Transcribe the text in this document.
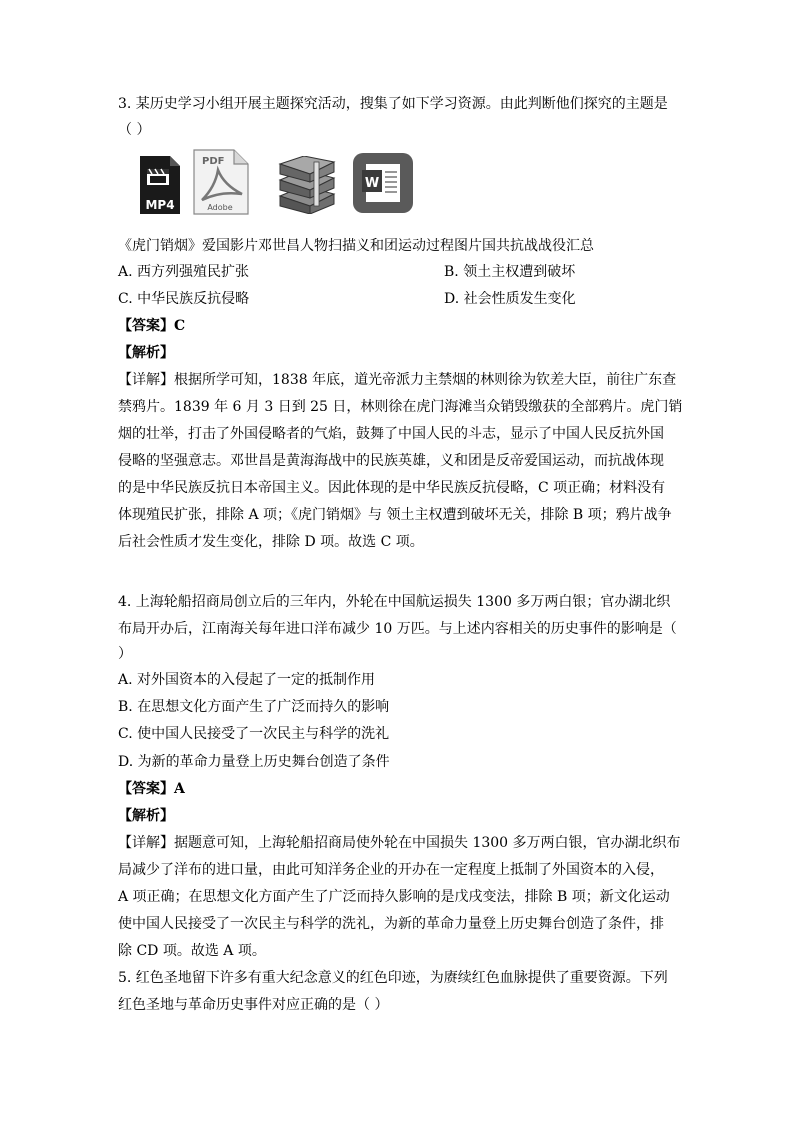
3. 某历史学习小组开展主题探究活动，搜集了如下学习资源。由此判断他们探究的主题是
（ ）
MP4
PDF
Adobe
W
《虎门销烟》爱国影片邓世昌人物扫描义和团运动过程图片国共抗战战役汇总
A. 西方列强殖民扩张	B. 领土主权遭到破坏
C. 中华民族反抗侵略	D. 社会性质发生变化
【答案】C
【解析】
【详解】根据所学可知，1838 年底，道光帝派力主禁烟的林则徐为钦差大臣，前往广东查
禁鸦片。1839 年 6 月 3 日到 25 日，林则徐在虎门海滩当众销毁缴获的全部鸦片。虎门销
烟的壮举，打击了外国侵略者的气焰，鼓舞了中国人民的斗志，显示了中国人民反抗外国
侵略的坚强意志。邓世昌是黄海海战中的民族英雄，义和团是反帝爱国运动，而抗战体现
的是中华民族反抗日本帝国主义。因此体现的是中华民族反抗侵略，C 项正确；材料没有
体现殖民扩张，排除 A 项；《虎门销烟》与 领土主权遭到破坏无关，排除 B 项；鸦片战争
后社会性质才发生变化，排除 D 项。故选 C 项。
4. 上海轮船招商局创立后的三年内，外轮在中国航运损失 1300 多万两白银；官办湖北织
布局开办后，江南海关每年进口洋布减少 10 万匹。与上述内容相关的历史事件的影响是（
）
A. 对外国资本的入侵起了一定的抵制作用
B. 在思想文化方面产生了广泛而持久的影响
C. 使中国人民接受了一次民主与科学的洗礼
D. 为新的革命力量登上历史舞台创造了条件
【答案】A
【解析】
【详解】据题意可知，上海轮船招商局使外轮在中国损失 1300 多万两白银，官办湖北织布
局减少了洋布的进口量，由此可知洋务企业的开办在一定程度上抵制了外国资本的入侵，
A 项正确；在思想文化方面产生了广泛而持久影响的是戊戌变法，排除 B 项；新文化运动
使中国人民接受了一次民主与科学的洗礼，为新的革命力量登上历史舞台创造了条件，排
除 CD 项。故选 A 项。
5. 红色圣地留下许多有重大纪念意义的红色印迹，为赓续红色血脉提供了重要资源。下列
红色圣地与革命历史事件对应正确的是（ ）
